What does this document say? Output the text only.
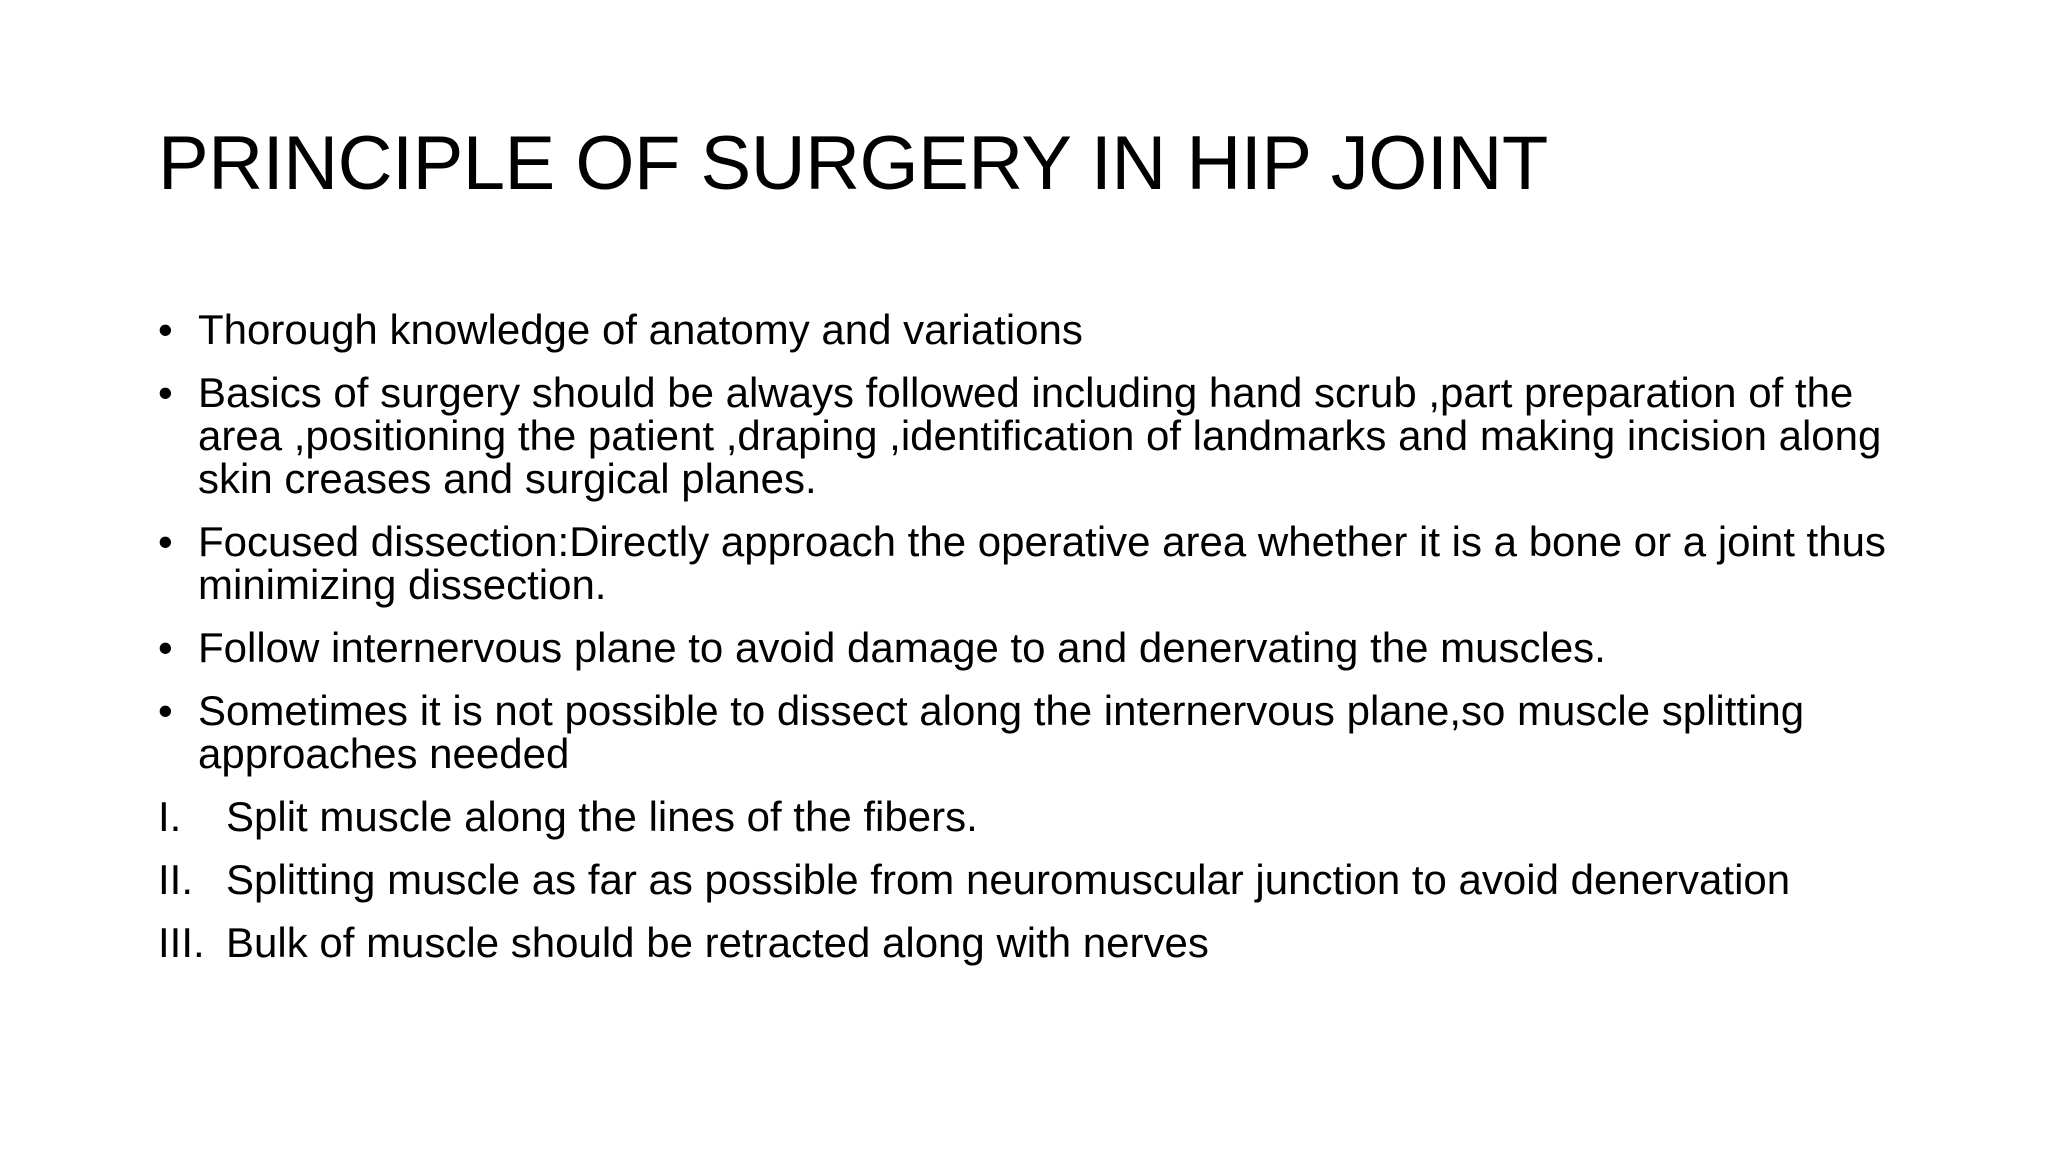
PRINCIPLE OF SURGERY IN HIP JOINT
• Thorough knowledge of anatomy and variations
• Basics of surgery should be always followed including hand scrub ,part preparation of the area ,positioning the patient ,draping ,identification of landmarks and making incision along skin creases and surgical planes.
• Focused dissection:Directly approach the operative area whether it is a bone or a joint thus minimizing dissection.
• Follow internervous plane to avoid damage to and denervating the muscles.
• Sometimes it is not possible to dissect along the internervous plane,so muscle splitting approaches needed
I.	Split muscle along the lines of the fibers.
II. Splitting muscle as far as possible from neuromuscular junction to avoid denervation
III. Bulk of muscle should be retracted along with nerves
